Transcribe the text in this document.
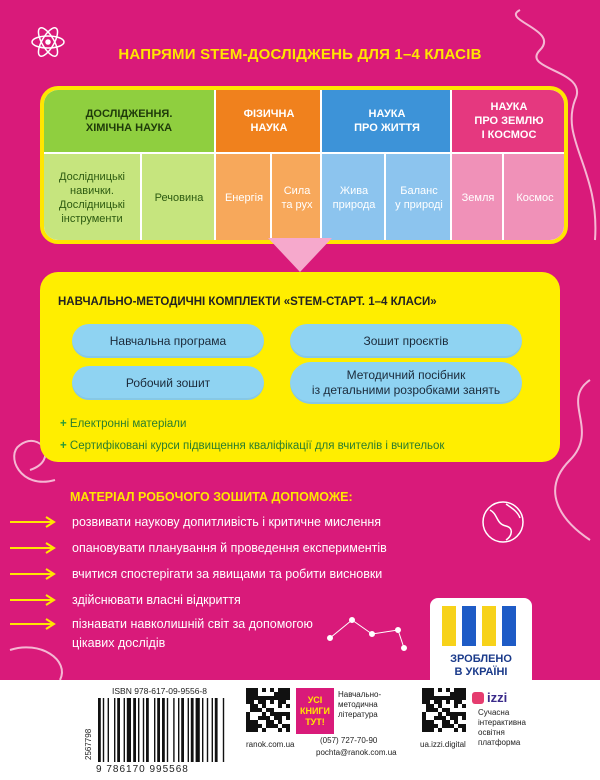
НАПРЯМИ STEM-ДОСЛІДЖЕНЬ ДЛЯ 1–4 КЛАСІВ
ДОСЛІДЖЕННЯ.
ХІМІЧНА НАУКА
Дослідницькі
навички.
Дослідницькі
інструменти
Речовина
ФІЗИЧНА
НАУКА
Енергія
Сила
та рух
НАУКА
ПРО ЖИТТЯ
Жива
природа
Баланс
у природі
НАУКА
ПРО ЗЕМЛЮ
І КОСМОС
Земля Космос
НАВЧАЛЬНО-МЕТОДИЧНІ КОМПЛЕКТИ «STEM-СТАРТ. 1–4 КЛАСИ»
Навчальна програма	Зошит проєктів
Робочий зошит
Методичний посібник
із детальними розробками занять
+ Електронні матеріали
+ Сертифіковані курси підвищення кваліфікації для вчителів і вчительок
МАТЕРІАЛ РОБОЧОГО ЗОШИТА ДОПОМОЖЕ:
розвивати наукову допитливість і критичне мислення
опановувати планування й проведення експериментів
вчитися спостерігати за явищами та робити висновки
здійснювати власні відкриття
пізнавати навколишній світ за допомогою
цікавих дослідів
ЗРОБЛЕНО
В УКРАЇНІ
ISBN 978-617-09-9556-8
2567798
9 786170 995568
УСІ
КНИГИ
ТУТ!
Навчально-
методична
література
ranok.com.ua	(057) 727-70-90
pochta@ranok.com.ua
izzi
Сучасна
інтерактивна
освітня
платформа
ua.izzi.digital
